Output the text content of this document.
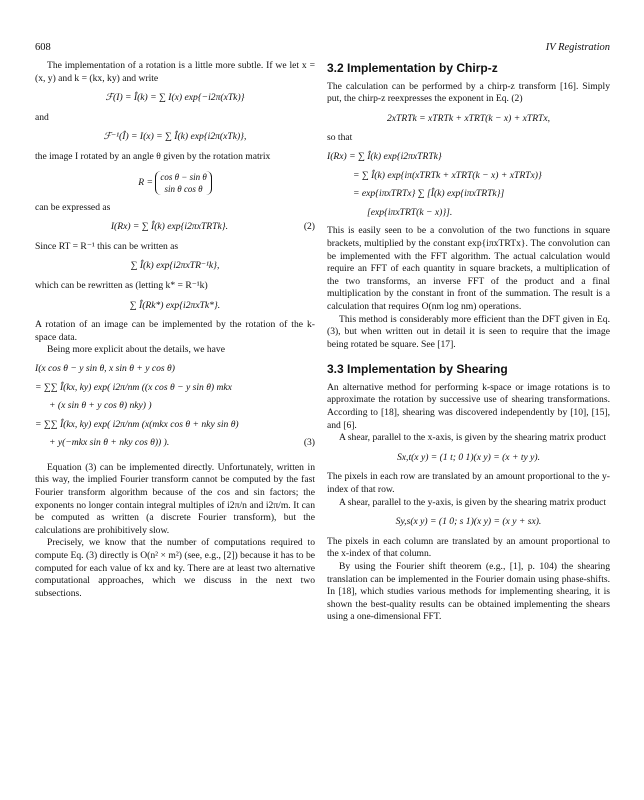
608	IV Registration

The implementation of a rotation is a little more subtle. If we let x = (x, y) and k = (kx, ky) and write

ℱ(I) = Î(k) = ∑ I(x) exp{−i2π(xTk)}

and

ℱ⁻¹(Î) = I(x) = ∑ Î(k) exp{i2π(xTk)},

the image I rotated by an angle θ given by the rotation matrix

R = cos θ − sin θ
sin θ cos θ

can be expressed as

I(Rx) = ∑ Î(k) exp{i2πxTRTk}.	(2)

Since RT = R⁻¹ this can be written as

∑ Î(k) exp{i2πxTR⁻¹k},

which can be rewritten as (letting k* = R⁻¹k)

∑ Î(Rk*) exp{i2πxTk*}.

A rotation of an image can be implemented by the rotation of the k-space data.

Being more explicit about the details, we have

I(x cos θ − y sin θ, x sin θ + y cos θ)
= ∑∑ Î(kx, ky) exp( i2π/nm ((x cos θ − y sin θ) mkx
+ (x sin θ + y cos θ) nky) )
= ∑∑ Î(kx, ky) exp( i2π/nm (x(mkx cos θ + nky sin θ)
+ y(−mkx sin θ + nky cos θ)) ).	(3)

Equation (3) can be implemented directly. Unfortunately, written in this way, the implied Fourier transform cannot be computed by the fast Fourier transform algorithm because of the cos and sin factors; the exponents no longer contain integral multiples of i2π/n and i2π/m. It can be computed as written (a discrete Fourier transform), but the calculations are prohibitively slow.

Precisely, we know that the number of computations required to compute Eq. (3) directly is O(n² × m²) (see, e.g., [2]) because it has to be computed for each value of kx and ky. There are at least two alternative computational approaches, which we discuss in the next two subsections.

3.2 Implementation by Chirp-z

The calculation can be performed by a chirp-z transform [16]. Simply put, the chirp-z reexpresses the exponent in Eq. (2)

2xTRTk = xTRTk + xTRT(k − x) + xTRTx,

so that

I(Rx) = ∑ Î(k) exp{i2πxTRTk}
= ∑ Î(k) exp{iπ(xTRTk + xTRT(k − x) + xTRTx)}
= exp{iπxTRTx} ∑ [Î(k) exp{iπxTRTk}]
[exp{iπxTRT(k − x)}].

This is easily seen to be a convolution of the two functions in square brackets, multiplied by the constant exp{iπxTRTx}. The convolution can be implemented with the FFT algorithm. The actual calculation would require an FFT of each quantity in square brackets, a multiplication of the two transforms, an inverse FFT of the product and a final multiplication by the constant in front of the summation. The result is a calculation that requires O(nm log nm) operations.

This method is considerably more efficient than the DFT given in Eq. (3), but when written out in detail it is seen to require that the image being rotated be square. See [17].

3.3 Implementation by Shearing

An alternative method for performing k-space or image rotations is to approximate the rotation by successive use of shearing transformations. According to [18], shearing was discovered independently by [10], [15], and [6].

A shear, parallel to the x-axis, is given by the shearing matrix product

Sx,t(x y) = (1 t; 0 1)(x y) = (x + ty y).

The pixels in each row are translated by an amount proportional to the y-index of that row.

A shear, parallel to the y-axis, is given by the shearing matrix product

Sy,s(x y) = (1 0; s 1)(x y) = (x y + sx).

The pixels in each column are translated by an amount proportional to the x-index of that column.

By using the Fourier shift theorem (e.g., [1], p. 104) the shearing translation can be implemented in the Fourier domain using phase-shifts. In [18], which studies various methods for implementing shearing, it is shown the best-quality results can be obtained implementing the shears using a one-dimensional FFT.
